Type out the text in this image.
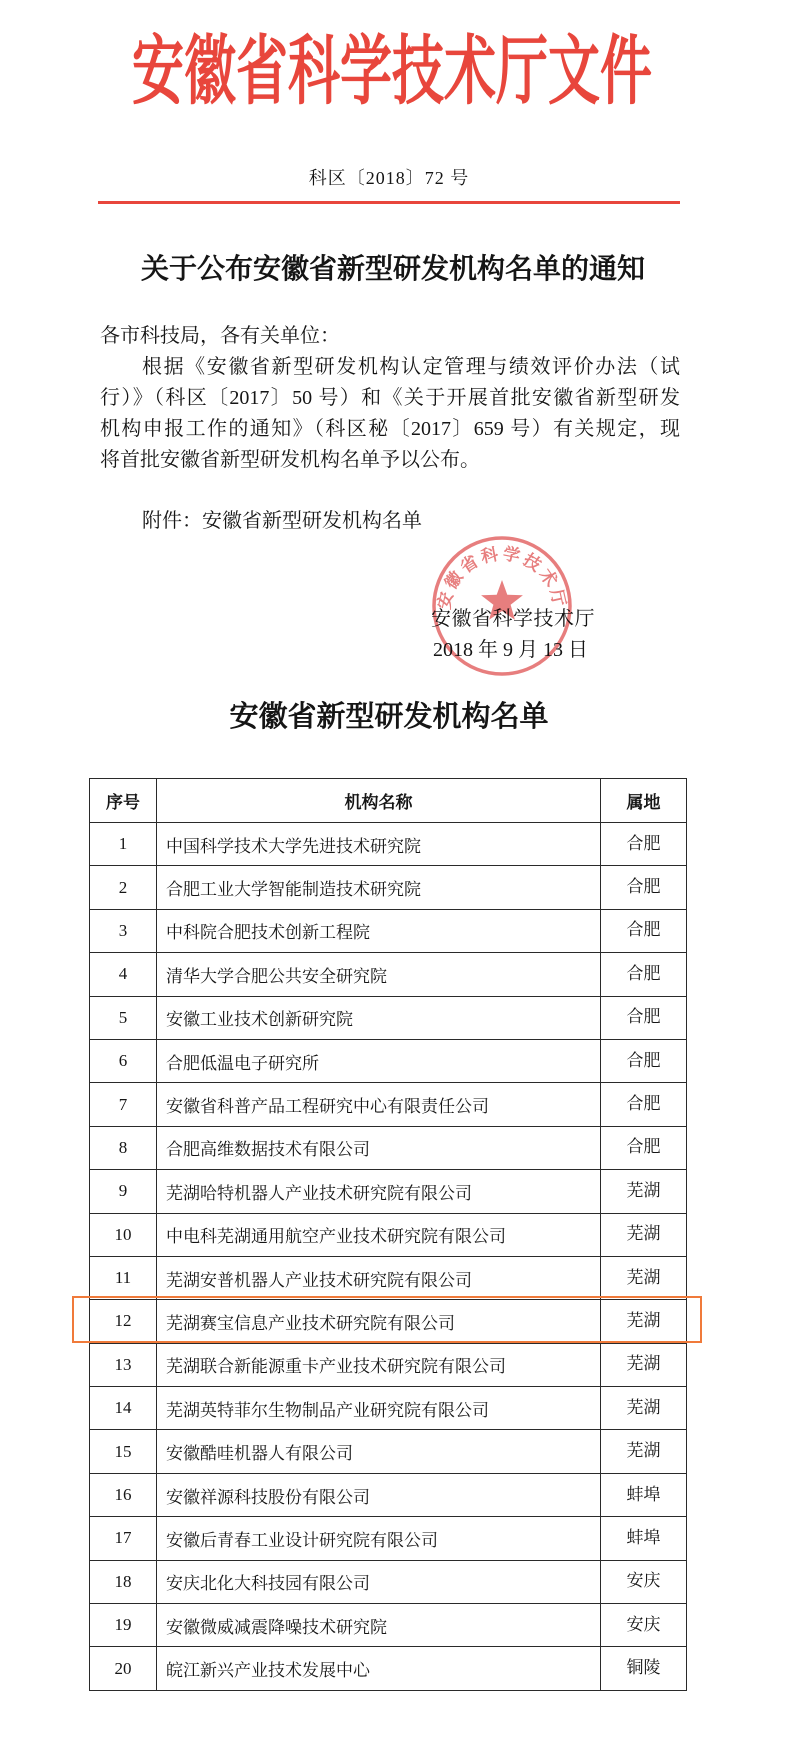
安徽省科学技术厅文件
科区〔2018〕72 号
关于公布安徽省新型研发机构名单的通知
各市科技局，各有关单位：
根据《安徽省新型研发机构认定管理与绩效评价办法（试
行）》（科区〔2017〕50 号）和《关于开展首批安徽省新型研发
机构申报工作的通知》（科区秘〔2017〕659 号）有关规定，现
将首批安徽省新型研发机构名单予以公布。
附件：安徽省新型研发机构名单
安徽省科学技术厅
2018 年 9 月 13 日
安徽省科学技术厅
安徽省新型研发机构名单
序号	机构名称	属地
1	中国科学技术大学先进技术研究院	合肥
2	合肥工业大学智能制造技术研究院	合肥
3	中科院合肥技术创新工程院	合肥
4	清华大学合肥公共安全研究院	合肥
5	安徽工业技术创新研究院	合肥
6	合肥低温电子研究所	合肥
7	安徽省科普产品工程研究中心有限责任公司	合肥
8	合肥高维数据技术有限公司	合肥
9	芜湖哈特机器人产业技术研究院有限公司	芜湖
10	中电科芜湖通用航空产业技术研究院有限公司	芜湖
11	芜湖安普机器人产业技术研究院有限公司	芜湖
12	芜湖赛宝信息产业技术研究院有限公司	芜湖
13	芜湖联合新能源重卡产业技术研究院有限公司	芜湖
14	芜湖英特菲尔生物制品产业研究院有限公司	芜湖
15	安徽酷哇机器人有限公司	芜湖
16	安徽祥源科技股份有限公司	蚌埠
17	安徽后青春工业设计研究院有限公司	蚌埠
18	安庆北化大科技园有限公司	安庆
19	安徽微威减震降噪技术研究院	安庆
20	皖江新兴产业技术发展中心	铜陵
